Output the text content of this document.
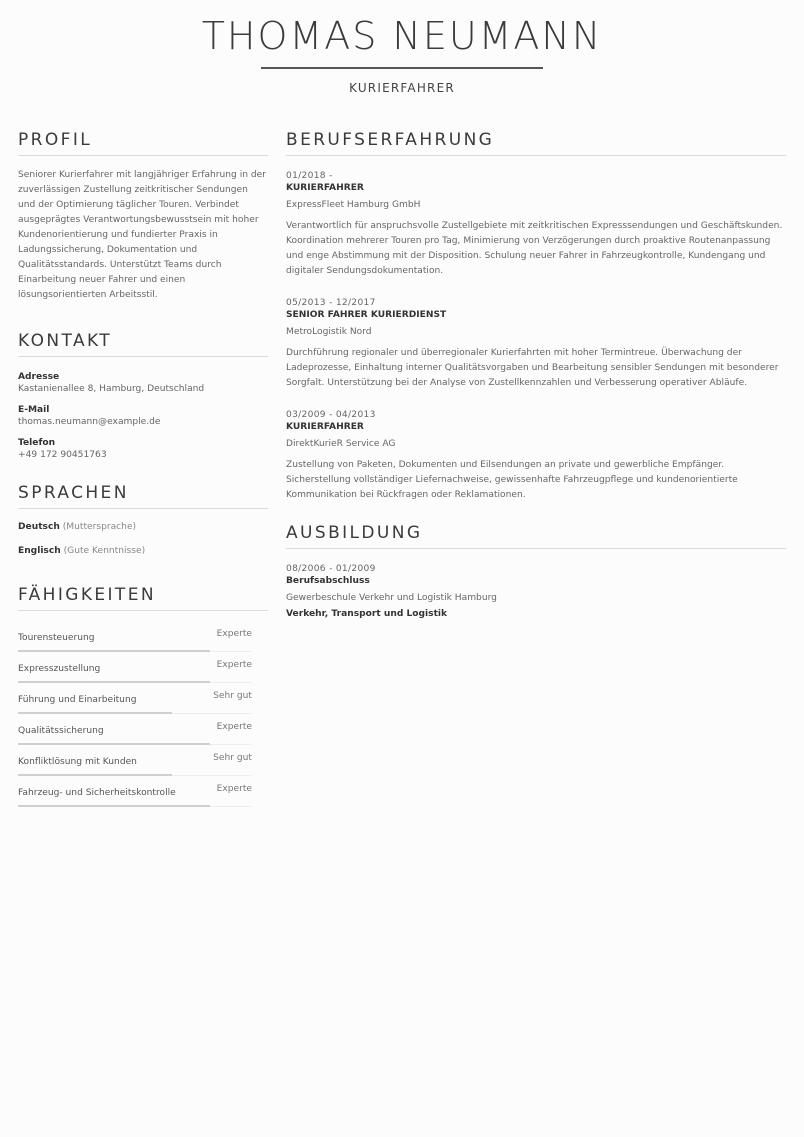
THOMAS NEUMANN
KURIERFAHRER
PROFIL
Seniorer Kurierfahrer mit langjähriger Erfahrung in der zuverlässigen Zustellung zeitkritischer Sendungen und der Optimierung täglicher Touren. Verbindet ausgeprägtes Verantwortungsbewusstsein mit hoher Kundenorientierung und fundierter Praxis in Ladungssicherung, Dokumentation und Qualitätsstandards. Unterstützt Teams durch Einarbeitung neuer Fahrer und einen lösungsorientierten Arbeitsstil.
KONTAKT
Adresse
Kastanienallee 8, Hamburg, Deutschland
E-Mail
thomas.neumann@example.de
Telefon
+49 172 90451763
SPRACHEN
Deutsch (Muttersprache)
Englisch (Gute Kenntnisse)
FÄHIGKEITEN
Tourensteuerung	Experte
Expresszustellung	Experte
Führung und Einarbeitung	Sehr gut
Qualitätssicherung	Experte
Konfliktlösung mit Kunden	Sehr gut
Fahrzeug- und Sicherheitskontrolle	Experte
BERUFSERFAHRUNG
01/2018 -
KURIERFAHRER
ExpressFleet Hamburg GmbH
Verantwortlich für anspruchsvolle Zustellgebiete mit zeitkritischen Expresssendungen und Geschäftskunden. Koordination mehrerer Touren pro Tag, Minimierung von Verzögerungen durch proaktive Routenanpassung und enge Abstimmung mit der Disposition. Schulung neuer Fahrer in Fahrzeugkontrolle, Kundengang und digitaler Sendungsdokumentation.
05/2013 - 12/2017
SENIOR FAHRER KURIERDIENST
MetroLogistik Nord
Durchführung regionaler und überregionaler Kurierfahrten mit hoher Termintreue. Überwachung der Ladeprozesse, Einhaltung interner Qualitätsvorgaben und Bearbeitung sensibler Sendungen mit besonderer Sorgfalt. Unterstützung bei der Analyse von Zustellkennzahlen und Verbesserung operativer Abläufe.
03/2009 - 04/2013
KURIERFAHRER
DirektKurieR Service AG
Zustellung von Paketen, Dokumenten und Eilsendungen an private und gewerbliche Empfänger. Sicherstellung vollständiger Liefernachweise, gewissenhafte Fahrzeugpflege und kundenorientierte Kommunikation bei Rückfragen oder Reklamationen.
AUSBILDUNG
08/2006 - 01/2009
Berufsabschluss
Gewerbeschule Verkehr und Logistik Hamburg
Verkehr, Transport und Logistik
